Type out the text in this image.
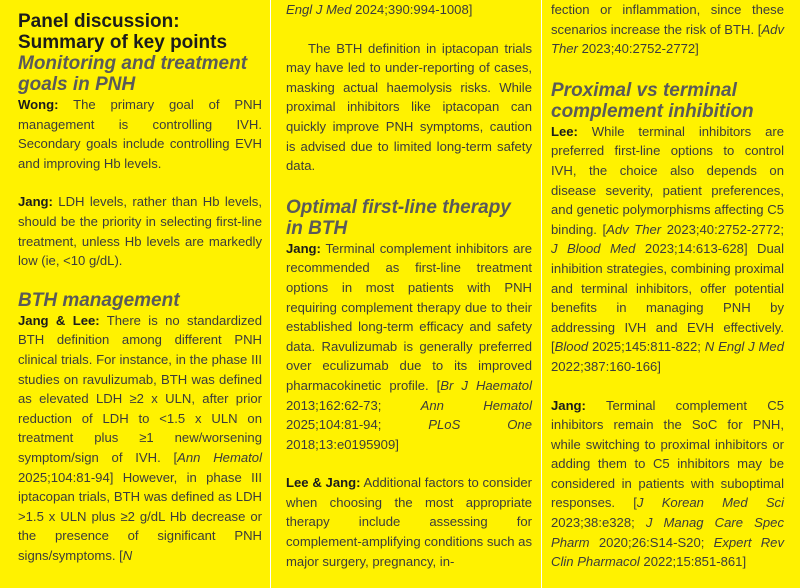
Panel discussion: Summary of key points
Monitoring and treatment goals in PNH

Wong: The primary goal of PNH management is controlling IVH. Secondary goals include controlling EVH and improving Hb levels.

Jang: LDH levels, rather than Hb levels, should be the priority in selecting first-line treatment, unless Hb levels are markedly low (ie, <10 g/dL).

BTH management

Jang & Lee: There is no standardized BTH definition among different PNH clinical trials. For instance, in the phase III studies on ravulizumab, BTH was defined as elevated LDH ≥2 x ULN, after prior reduction of LDH to <1.5 x ULN on treatment plus ≥1 new/worsening symptom/sign of IVH. [Ann Hematol 2025;104:81-94] However, in phase III iptacopan trials, BTH was defined as LDH >1.5 x ULN plus ≥2 g/dL Hb decrease or the presence of significant PNH signs/symptoms. [N

Engl J Med 2024;390:994-1008]

The BTH definition in iptacopan trials may have led to under-reporting of cases, masking actual haemolysis risks. While proximal inhibitors like iptacopan can quickly improve PNH symptoms, caution is advised due to limited long-term safety data.

Optimal first-line therapy in BTH

Jang: Terminal complement inhibitors are recommended as first-line treatment options in most patients with PNH requiring complement therapy due to their established long-term efficacy and safety data. Ravulizumab is generally preferred over eculizumab due to its improved pharmacokinetic profile. [Br J Haematol 2013;162:62-73; Ann Hematol 2025;104:81-94; PLoS One 2018;13:e0195909]

Lee & Jang: Additional factors to consider when choosing the most appropriate therapy include assessing for complement-amplifying conditions such as major surgery, pregnancy, in-

fection or inflammation, since these scenarios increase the risk of BTH. [Adv Ther 2023;40:2752-2772]

Proximal vs terminal complement inhibition

Lee: While terminal inhibitors are preferred first-line options to control IVH, the choice also depends on disease severity, patient preferences, and genetic polymorphisms affecting C5 binding. [Adv Ther 2023;40:2752-2772; J Blood Med 2023;14:613-628] Dual inhibition strategies, combining proximal and terminal inhibitors, offer potential benefits in managing PNH by addressing IVH and EVH effectively. [Blood 2025;145:811-822; N Engl J Med 2022;387:160-166]

Jang: Terminal complement C5 inhibitors remain the SoC for PNH, while switching to proximal inhibitors or adding them to C5 inhibitors may be considered in patients with suboptimal responses. [J Korean Med Sci 2023;38:e328; J Manag Care Spec Pharm 2020;26:S14-S20; Expert Rev Clin Pharmacol 2022;15:851-861]
